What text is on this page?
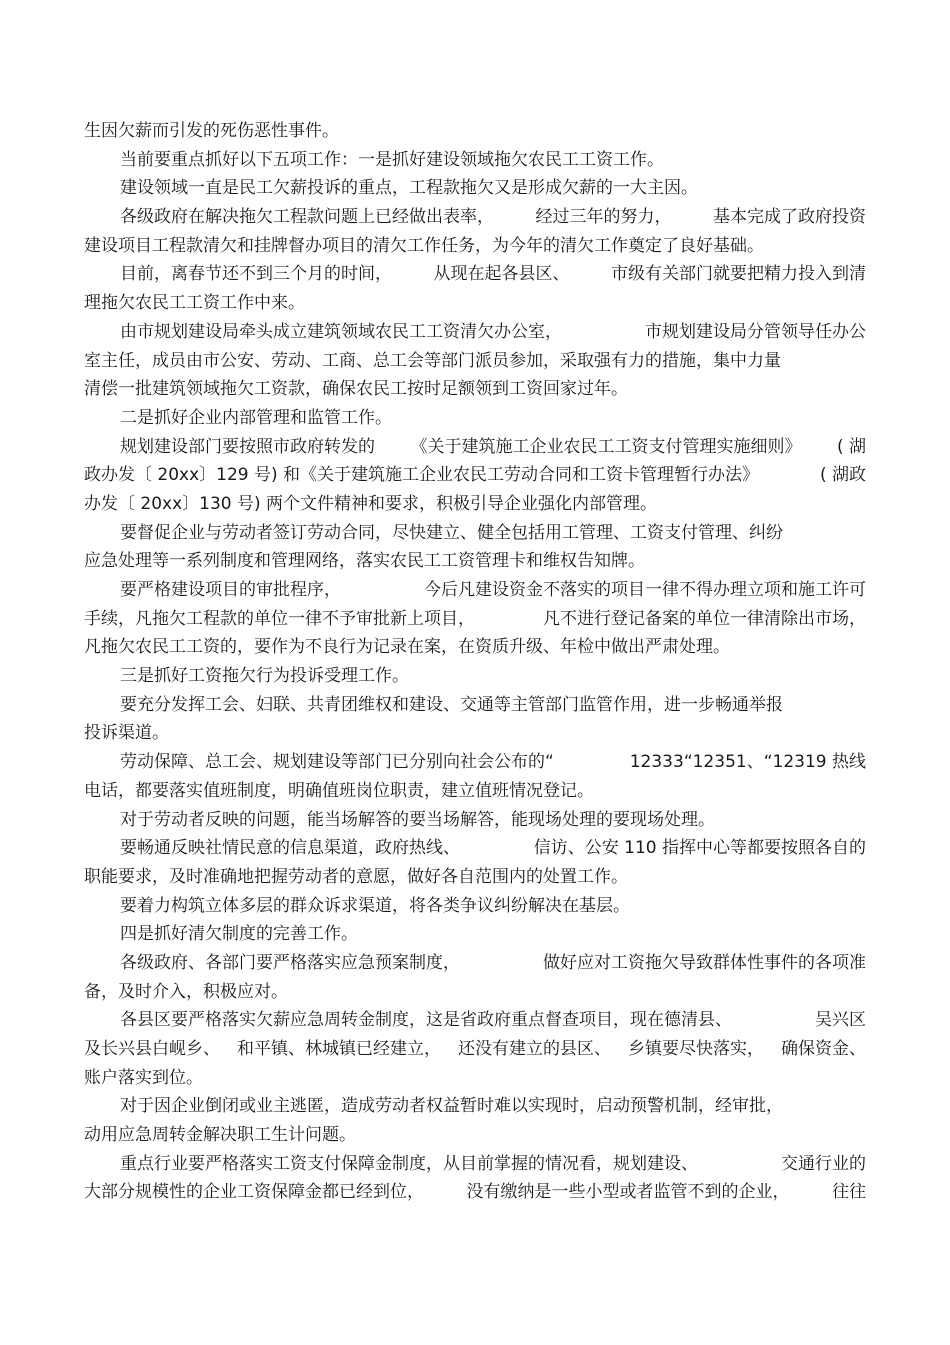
生因欠薪而引发的死伤恶性事件。
当前要重点抓好以下五项工作：一是抓好建设领域拖欠农民工工资工作。
建设领域一直是民工欠薪投诉的重点，工程款拖欠又是形成欠薪的一大主因。
各级政府在解决拖欠工程款问题上已经做出表率， 经过三年的努力， 基本完成了政府投资
建设项目工程款清欠和挂牌督办项目的清欠工作任务，为今年的清欠工作奠定了良好基础。
目前，离春节还不到三个月的时间， 从现在起各县区、 市级有关部门就要把精力投入到清
理拖欠农民工工资工作中来。
由市规划建设局牵头成立建筑领域农民工工资清欠办公室，	市规划建设局分管领导任办公
室主任，成员由市公安、劳动、工商、总工会等部门派员参加，采取强有力的措施，集中力量
清偿一批建筑领域拖欠工资款，确保农民工按时足额领到工资回家过年。
二是抓好企业内部管理和监管工作。
规划建设部门要按照市政府转发的 《关于建筑施工企业农民工工资支付管理实施细则》 ( 湖
政办发〔 20xx〕129 号) 和《关于建筑施工企业农民工劳动合同和工资卡管理暂行办法》	( 湖政
办发〔 20xx〕130 号) 两个文件精神和要求，积极引导企业强化内部管理。
要督促企业与劳动者签订劳动合同，尽快建立、健全包括用工管理、工资支付管理、纠纷
应急处理等一系列制度和管理网络，落实农民工工资管理卡和维权告知牌。
要严格建设项目的审批程序，	今后凡建设资金不落实的项目一律不得办理立项和施工许可
手续，凡拖欠工程款的单位一律不予审批新上项目，	凡不进行登记备案的单位一律清除出市场，
凡拖欠农民工工资的，要作为不良行为记录在案，在资质升级、年检中做出严肃处理。
三是抓好工资拖欠行为投诉受理工作。
要充分发挥工会、妇联、共青团维权和建设、交通等主管部门监管作用，进一步畅通举报
投诉渠道。
劳动保障、总工会、规划建设等部门已分别向社会公布的“	12333“12351、“12319 热线
电话，都要落实值班制度，明确值班岗位职责，建立值班情况登记。
对于劳动者反映的问题，能当场解答的要当场解答，能现场处理的要现场处理。
要畅通反映社情民意的信息渠道，政府热线、	信访、公安 110 指挥中心等都要按照各自的
职能要求，及时准确地把握劳动者的意愿，做好各自范围内的处置工作。
要着力构筑立体多层的群众诉求渠道，将各类争议纠纷解决在基层。
四是抓好清欠制度的完善工作。
各级政府、各部门要严格落实应急预案制度，	做好应对工资拖欠导致群体性事件的各项准
备，及时介入，积极应对。
各县区要严格落实欠薪应急周转金制度，这是省政府重点督查项目，现在德清县、	吴兴区
及长兴县白岘乡、 和平镇、林城镇已经建立， 还没有建立的县区、 乡镇要尽快落实， 确保资金、
账户落实到位。
对于因企业倒闭或业主逃匿，造成劳动者权益暂时难以实现时，启动预警机制，经审批，
动用应急周转金解决职工生计问题。
重点行业要严格落实工资支付保障金制度，从目前掌握的情况看，规划建设、	交通行业的
大部分规模性的企业工资保障金都已经到位，	没有缴纳是一些小型或者监管不到的企业，	往往
